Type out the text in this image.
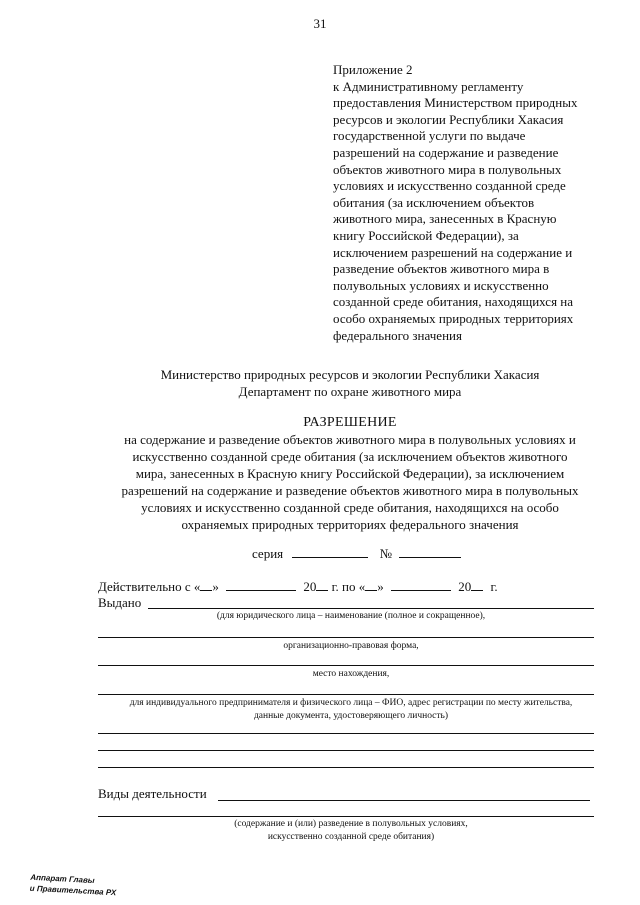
31
Приложение 2
к Административному регламенту
предоставления Министерством природных
ресурсов и экологии Республики Хакасия
государственной услуги по выдаче
разрешений на содержание и разведение
объектов животного мира в полувольных
условиях и искусственно созданной среде
обитания (за исключением объектов
животного мира, занесенных в Красную
книгу Российской Федерации), за
исключением разрешений на содержание и
разведение объектов животного мира в
полувольных условиях и искусственно
созданной среде обитания, находящихся на
особо охраняемых природных территориях
федерального значения
Министерство природных ресурсов и экологии Республики Хакасия
Департамент по охране животного мира
РАЗРЕШЕНИЕ
на содержание и разведение объектов животного мира в полувольных условиях и
искусственно созданной среде обитания (за исключением объектов животного
мира, занесенных в Красную книгу Российской Федерации), за исключением
разрешений на содержание и разведение объектов животного мира в полувольных
условиях и искусственно созданной среде обитания, находящихся на особо
охраняемых природных территориях федерального значения
серия	№
Действительно с « »	20 г. по « »	20 г.
Выдано
(для юридического лица – наименование (полное и сокращенное),
организационно-правовая форма,
место нахождения,
для индивидуального предпринимателя и физического лица – ФИО, адрес регистрации по месту жительства,
данные документа, удостоверяющего личность)
Виды деятельности
(содержание и (или) разведение в полувольных условиях,
искусственно созданной среде обитания)
Аппарат Главы
и Правительства РХ
